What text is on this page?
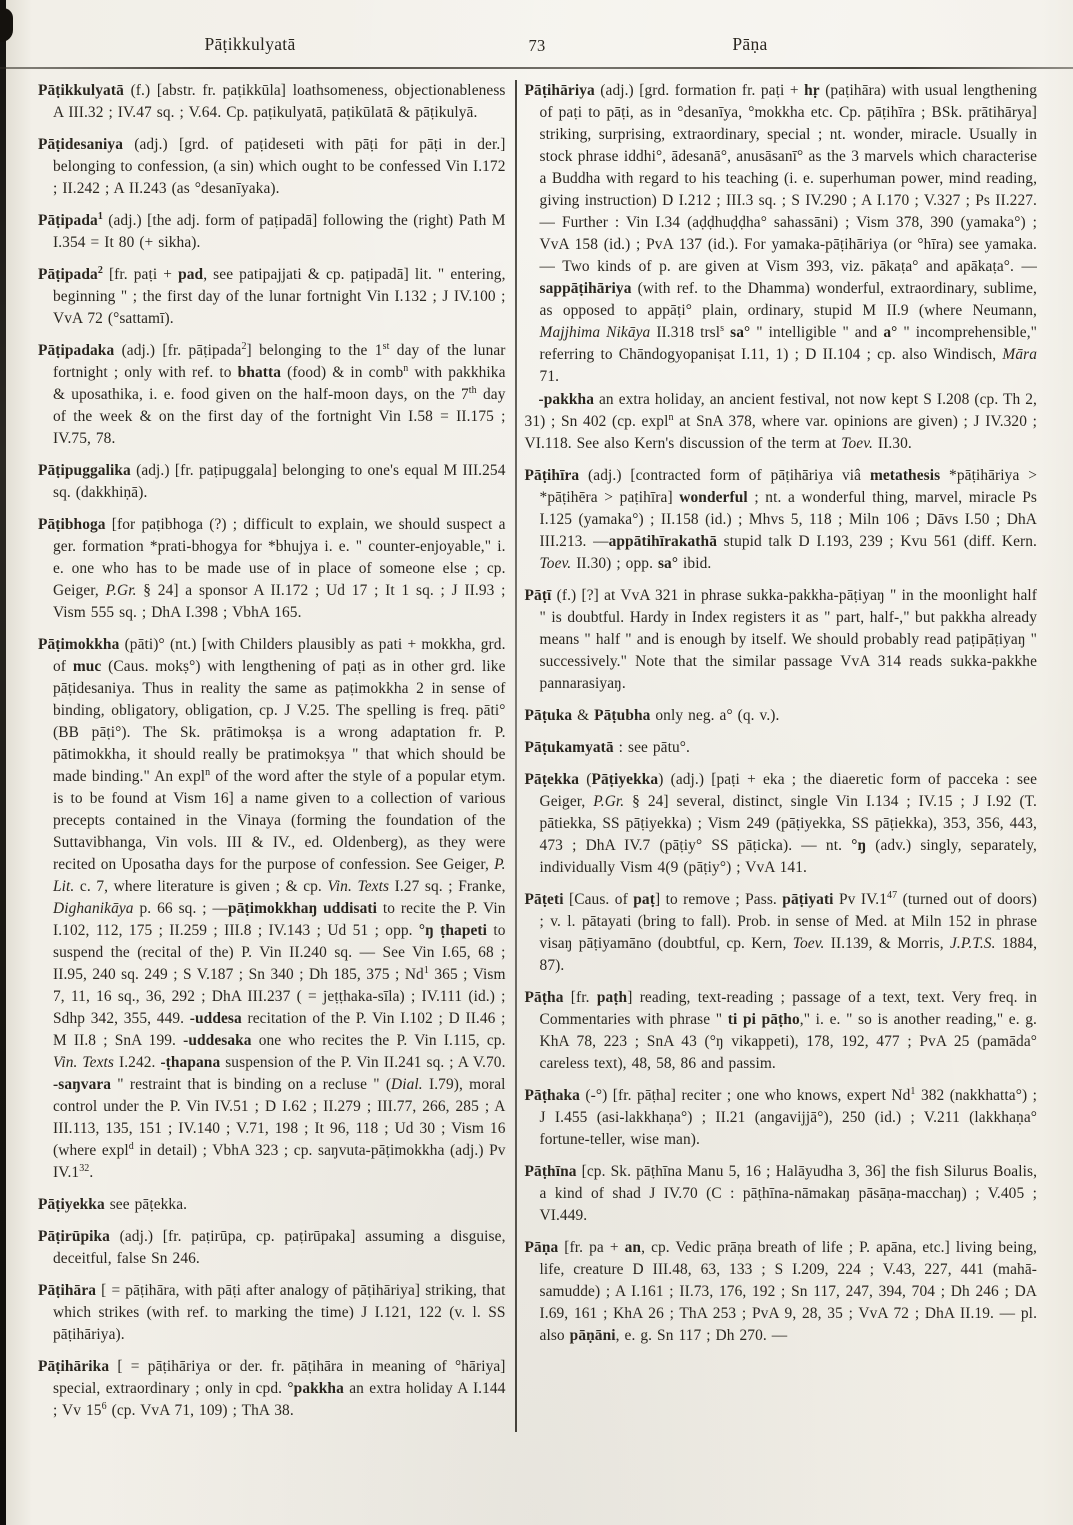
Pāṭikkulyatā	73	Pāṇa

Pāṭikkulyatā (f.) [abstr. fr. paṭikkūla] loathsomeness, objectionableness A III.32 ; IV.47 sq. ; V.64. Cp. paṭikulyatā, paṭikūlatā & pāṭikulyā.

Pāṭidesaniya (adj.) [grd. of paṭideseti with pāṭi for pāṭi in der.] belonging to confession, (a sin) which ought to be confessed Vin I.172 ; II.242 ; A II.243 (as °desanīyaka).

Pāṭipada$^1$ (adj.) [the adj. form of paṭipadā] following the (right) Path M I.354 = It 80 (+ sikha).

Pāṭipada$^2$ [fr. paṭi + pad, see patipajjati & cp. paṭipadā] lit. " entering, beginning " ; the first day of the lunar fortnight Vin I.132 ; J IV.100 ; VvA 72 (°sattamī).

Pāṭipadaka (adj.) [fr. pāṭipada$^2$] belonging to the 1st day of the lunar fortnight ; only with ref. to bhatta (food) & in comb$^n$ with pakkhika & uposathika, i. e. food given on the half-moon days, on the 7th day of the week & on the first day of the fortnight Vin I.58 = II.175 ; IV.75, 78.

Pāṭipuggalika (adj.) [fr. paṭipuggala] belonging to one's equal M III.254 sq. (dakkhiṇā).

Pāṭibhoga [for paṭibhoga (?) ; difficult to explain, we should suspect a ger. formation *prati-bhogya for *bhujya i. e. " counter-enjoyable," i. e. one who has to be made use of in place of someone else ; cp. Geiger, P.Gr. § 24] a sponsor A II.172 ; Ud 17 ; It 1 sq. ; J II.93 ; Vism 555 sq. ; DhA I.398 ; VbhA 165.

Pāṭimokkha (pāti)° (nt.) [with Childers plausibly as pati + mokkha, grd. of muc (Caus. mokṣ°) with lengthening of paṭi as in other grd. like pāṭidesaniya. Thus in reality the same as paṭimokkha 2 in sense of binding, obligatory, obligation, cp. J V.25. The spelling is freq. pāti° (BB pāṭi°). The Sk. prātimokṣa is a wrong adaptation fr. P. pātimokkha, it should really be pratimokṣya " that which should be made binding." An expl$^n$ of the word after the style of a popular etym. is to be found at Vism 16] a name given to a collection of various precepts contained in the Vinaya (forming the foundation of the Suttavibhanga, Vin vols. III & IV., ed. Oldenberg), as they were recited on Uposatha days for the purpose of confession. See Geiger, P. Lit. c. 7, where literature is given ; & cp. Vin. Texts I.27 sq. ; Franke, Dighanikāya p. 66 sq. ; —pāṭimokkhaŋ uddisati to recite the P. Vin I.102, 112, 175 ; II.259 ; III.8 ; IV.143 ; Ud 51 ; opp. °ŋ ṭhapeti to suspend the (recital of the) P. Vin II.240 sq. — See Vin I.65, 68 ; II.95, 240 sq. 249 ; S V.187 ; Sn 340 ; Dh 185, 375 ; Nd$^1$ 365 ; Vism 7, 11, 16 sq., 36, 292 ; DhA III.237 ( = jeṭṭhaka-sīla) ; IV.111 (id.) ; Sdhp 342, 355, 449. -uddesa recitation of the P. Vin I.102 ; D II.46 ; M II.8 ; SnA 199. -uddesaka one who recites the P. Vin I.115, cp. Vin. Texts I.242. -ṭhapana suspension of the P. Vin II.241 sq. ; A V.70. -saŋvara " restraint that is binding on a recluse " (Dial. I.79), moral control under the P. Vin IV.51 ; D I.62 ; II.279 ; III.77, 266, 285 ; A III.113, 135, 151 ; IV.140 ; V.71, 198 ; It 96, 118 ; Ud 30 ; Vism 16 (where expl$^d$ in detail) ; VbhA 323 ; cp. saŋvuta-pāṭimokkha (adj.) Pv $IV.1^{32}$.

Pāṭiyekka see pāṭekka.

Pāṭirūpika (adj.) [fr. paṭirūpa, cp. paṭirūpaka] assuming a disguise, deceitful, false Sn 246.

Pāṭihāra [ = pāṭihāra, with pāṭi after analogy of pāṭihāriya] striking, that which strikes (with ref. to marking the time) J I.121, 122 (v. l. SS pāṭihāriya).

Pāṭihārika [ = pāṭihāriya or der. fr. pāṭihāra in meaning of °hāriya] special, extraordinary ; only in cpd. °pakkha an extra holiday A I.144 ; Vv $15^6$ (cp. VvA 71, 109) ; ThA 38.

Pāṭihāriya (adj.) [grd. formation fr. paṭi + hṛ (paṭihāra) with usual lengthening of paṭi to pāṭi, as in °desanīya, °mokkha etc. Cp. pāṭihīra ; BSk. prātihārya] striking, surprising, extraordinary, special ; nt. wonder, miracle. Usually in stock phrase iddhi°, ādesanā°, anusāsanī° as the 3 marvels which characterise a Buddha with regard to his teaching (i. e. superhuman power, mind reading, giving instruction) D I.212 ; III.3 sq. ; S IV.290 ; A I.170 ; V.327 ; Ps II.227. — Further : Vin I.34 (aḍḍhuḍḍha° sahassāni) ; Vism 378, 390 (yamaka°) ; VvA 158 (id.) ; PvA 137 (id.). For yamaka-pāṭihāriya (or °hīra) see yamaka. — Two kinds of p. are given at Vism 393, viz. pākaṭa° and apākaṭa°. —sappāṭihāriya (with ref. to the Dhamma) wonderful, extraordinary, sublime, as opposed to appāṭi° plain, ordinary, stupid M II.9 (where Neumann, Majjhima Nikāya II.318 trsl$^s$ sa° " intelligible " and a° " incomprehensible," referring to Chāndogyopaniṣat I.11, 1) ; D II.104 ; cp. also Windisch, Māra 71.

-pakkha an extra holiday, an ancient festival, not now kept S I.208 (cp. Th 2, 31) ; Sn 402 (cp. expl$^n$ at SnA 378, where var. opinions are given) ; J IV.320 ; VI.118. See also Kern's discussion of the term at Toev. II.30.

Pāṭihīra (adj.) [contracted form of pāṭihāriya viâ metathesis *pāṭihāriya > *pāṭihēra > paṭihīra] wonderful ; nt. a wonderful thing, marvel, miracle Ps I.125 (yamaka°) ; II.158 (id.) ; Mhvs 5, 118 ; Miln 106 ; Dāvs I.50 ; DhA III.213. —appātihīrakathā stupid talk D I.193, 239 ; Kvu 561 (diff. Kern. Toev. II.30) ; opp. sa° ibid.

Pāṭī (f.) [?] at VvA 321 in phrase sukka-pakkha-pāṭiyaŋ " in the moonlight half " is doubtful. Hardy in Index registers it as " part, half-," but pakkha already means " half " and is enough by itself. We should probably read paṭipāṭiyaŋ " successively." Note that the similar passage VvA 314 reads sukka-pakkhe pannarasiyaŋ.

Pāṭuka & Pāṭubha only neg. a° (q. v.).

Pāṭukamyatā : see pātu°.

Pāṭekka (Pāṭiyekka) (adj.) [paṭi + eka ; the diaeretic form of pacceka : see Geiger, P.Gr. § 24] several, distinct, single Vin I.134 ; IV.15 ; J I.92 (T. pātiekka, SS pāṭiyekka) ; Vism 249 (pāṭiyekka, SS pāṭiekka), 353, 356, 443, 473 ; DhA IV.7 (pāṭiy° SS pāṭicka). — nt. °ŋ (adv.) singly, separately, individually Vism 4(9 (pāṭiy°) ; VvA 141.

Pāṭeti [Caus. of paṭ] to remove ; Pass. pāṭiyati Pv $IV.1^{47}$ (turned out of doors) ; v. l. pātayati (bring to fall). Prob. in sense of Med. at Miln 152 in phrase visaŋ pāṭiyamāno (doubtful, cp. Kern, Toev. II.139, & Morris, J.P.T.S. 1884, 87).

Pāṭha [fr. paṭh] reading, text-reading ; passage of a text, text. Very freq. in Commentaries with phrase " ti pi pāṭho," i. e. " so is another reading," e. g. KhA 78, 223 ; SnA 43 (°ŋ vikappeti), 178, 192, 477 ; PvA 25 (pamāda° careless text), 48, 58, 86 and passim.

Pāṭhaka (-°) [fr. pāṭha] reciter ; one who knows, expert Nd$^1$ 382 (nakkhatta°) ; J I.455 (asi-lakkhaṇa°) ; II.21 (angavijjā°), 250 (id.) ; V.211 (lakkhaṇa° fortune-teller, wise man).

Pāṭhīna [cp. Sk. pāṭhīna Manu 5, 16 ; Halāyudha 3, 36] the fish Silurus Boalis, a kind of shad J IV.70 (C : pāṭhīna-nāmakaŋ pāsāṇa-macchaŋ) ; V.405 ; VI.449.

Pāṇa [fr. pa + an, cp. Vedic prāṇa breath of life ; P. apāna, etc.] living being, life, creature D III.48, 63, 133 ; S I.209, 224 ; V.43, 227, 441 (mahā-samudde) ; A I.161 ; II.73, 176, 192 ; Sn 117, 247, 394, 704 ; Dh 246 ; DA I.69, 161 ; KhA 26 ; ThA 253 ; PvA 9, 28, 35 ; VvA 72 ; DhA II.19. — pl. also pāṇāni, e. g. Sn 117 ; Dh 270. —
